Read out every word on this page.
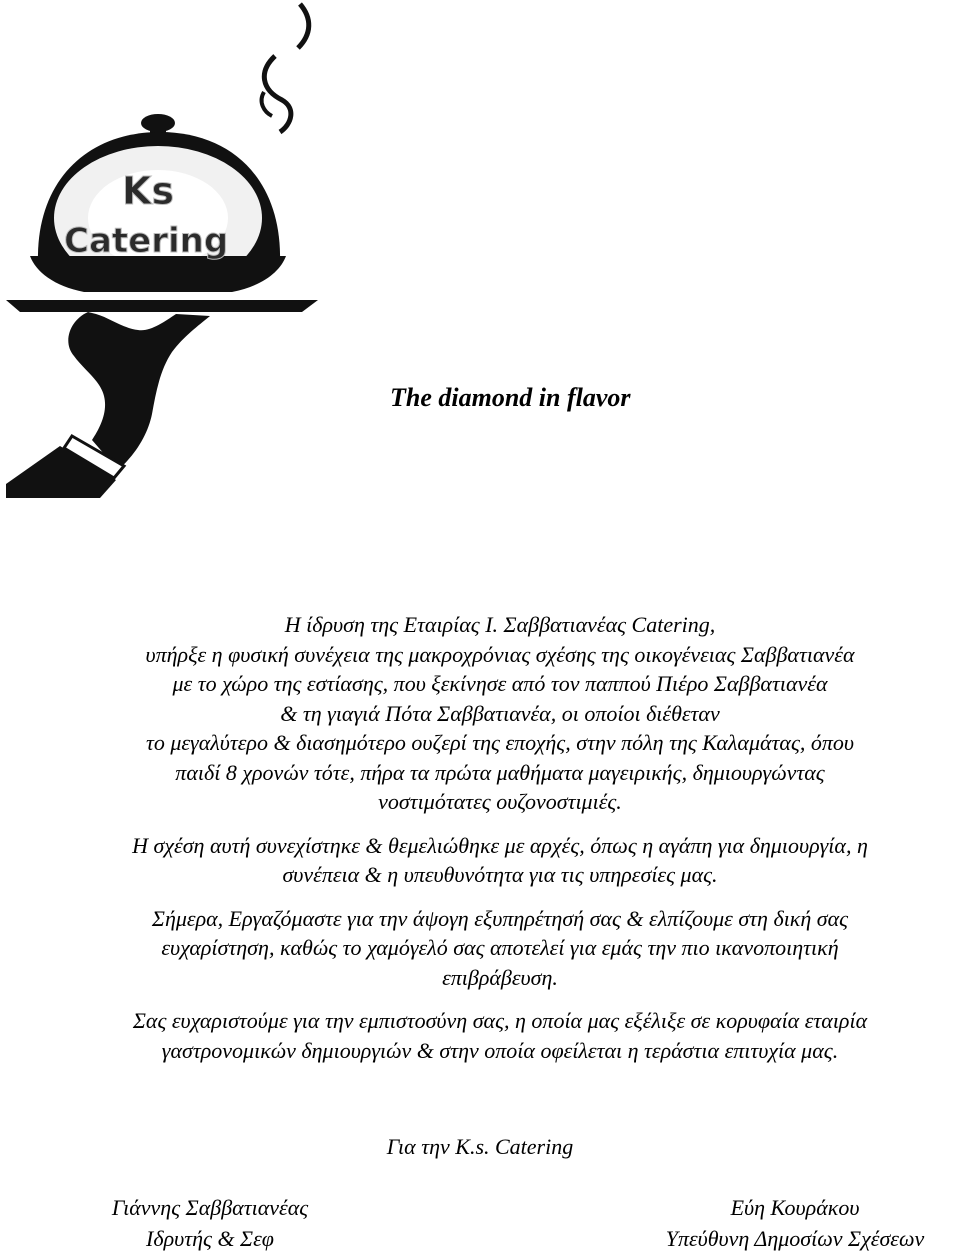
Ks
Catering
The diamond in flavor

Η ίδρυση της Εταιρίας Ι. Σαββατιανέας Catering,
υπήρξε η φυσική συνέχεια της μακροχρόνιας σχέσης της οικογένειας Σαββατιανέα
με το χώρο της εστίασης, που ξεκίνησε από τον παππού Πιέρο Σαββατιανέα
& τη γιαγιά Πότα Σαββατιανέα, οι οποίοι διέθεταν
το μεγαλύτερο & διασημότερο ουζερί της εποχής, στην πόλη της Καλαμάτας, όπου
παιδί 8 χρονών τότε, πήρα τα πρώτα μαθήματα μαγειρικής, δημιουργώντας
νοστιμότατες ουζονοστιμιές.

Η σχέση αυτή συνεχίστηκε & θεμελιώθηκε με αρχές, όπως η αγάπη για δημιουργία, η
συνέπεια & η υπευθυνότητα για τις υπηρεσίες μας.

Σήμερα, Εργαζόμαστε για την άψογη εξυπηρέτησή σας & ελπίζουμε στη δική σας
ευχαρίστηση, καθώς το χαμόγελό σας αποτελεί για εμάς την πιο ικανοποιητική
επιβράβευση.

Σας ευχαριστούμε για την εμπιστοσύνη σας, η οποία μας εξέλιξε σε κορυφαία εταιρία
γαστρονομικών δημιουργιών & στην οποία οφείλεται η τεράστια επιτυχία μας.

Για την K.s. Catering
Γιάννης Σαββατιανέας
Ιδρυτής & Σεφ
Εύη Κουράκου
Υπεύθυνη Δημοσίων Σχέσεων
